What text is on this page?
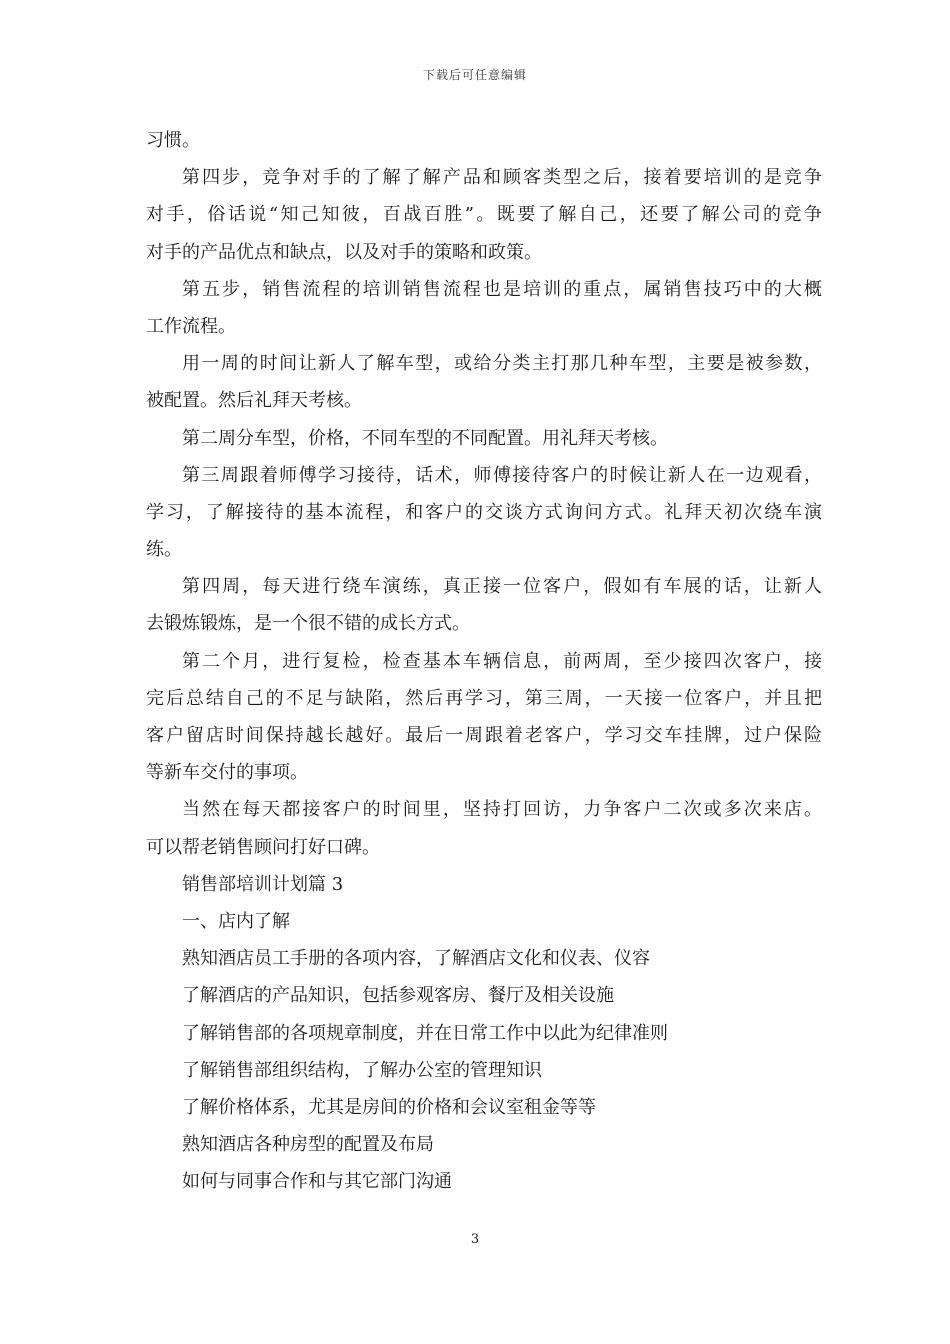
下载后可任意编辑
习惯。
第四步，竞争对手的了解了解产品和顾客类型之后，接着要培训的是竞争
对手，俗话说“知己知彼，百战百胜”。既要了解自己，还要了解公司的竞争
对手的产品优点和缺点，以及对手的策略和政策。
第五步，销售流程的培训销售流程也是培训的重点，属销售技巧中的大概
工作流程。
用一周的时间让新人了解车型，或给分类主打那几种车型，主要是被参数，
被配置。然后礼拜天考核。
第二周分车型，价格，不同车型的不同配置。用礼拜天考核。
第三周跟着师傅学习接待，话术，师傅接待客户的时候让新人在一边观看，
学习，了解接待的基本流程，和客户的交谈方式询问方式。礼拜天初次绕车演
练。
第四周，每天进行绕车演练，真正接一位客户，假如有车展的话，让新人
去锻炼锻炼，是一个很不错的成长方式。
第二个月，进行复检，检查基本车辆信息，前两周，至少接四次客户，接
完后总结自己的不足与缺陷，然后再学习，第三周，一天接一位客户，并且把
客户留店时间保持越长越好。最后一周跟着老客户，学习交车挂牌，过户保险
等新车交付的事项。
当然在每天都接客户的时间里，坚持打回访，力争客户二次或多次来店。
可以帮老销售顾问打好口碑。
销售部培训计划篇 3
一、店内了解
熟知酒店员工手册的各项内容，了解酒店文化和仪表、仪容
了解酒店的产品知识，包括参观客房、餐厅及相关设施
了解销售部的各项规章制度，并在日常工作中以此为纪律准则
了解销售部组织结构，了解办公室的管理知识
了解价格体系，尤其是房间的价格和会议室租金等等
熟知酒店各种房型的配置及布局
如何与同事合作和与其它部门沟通
3
